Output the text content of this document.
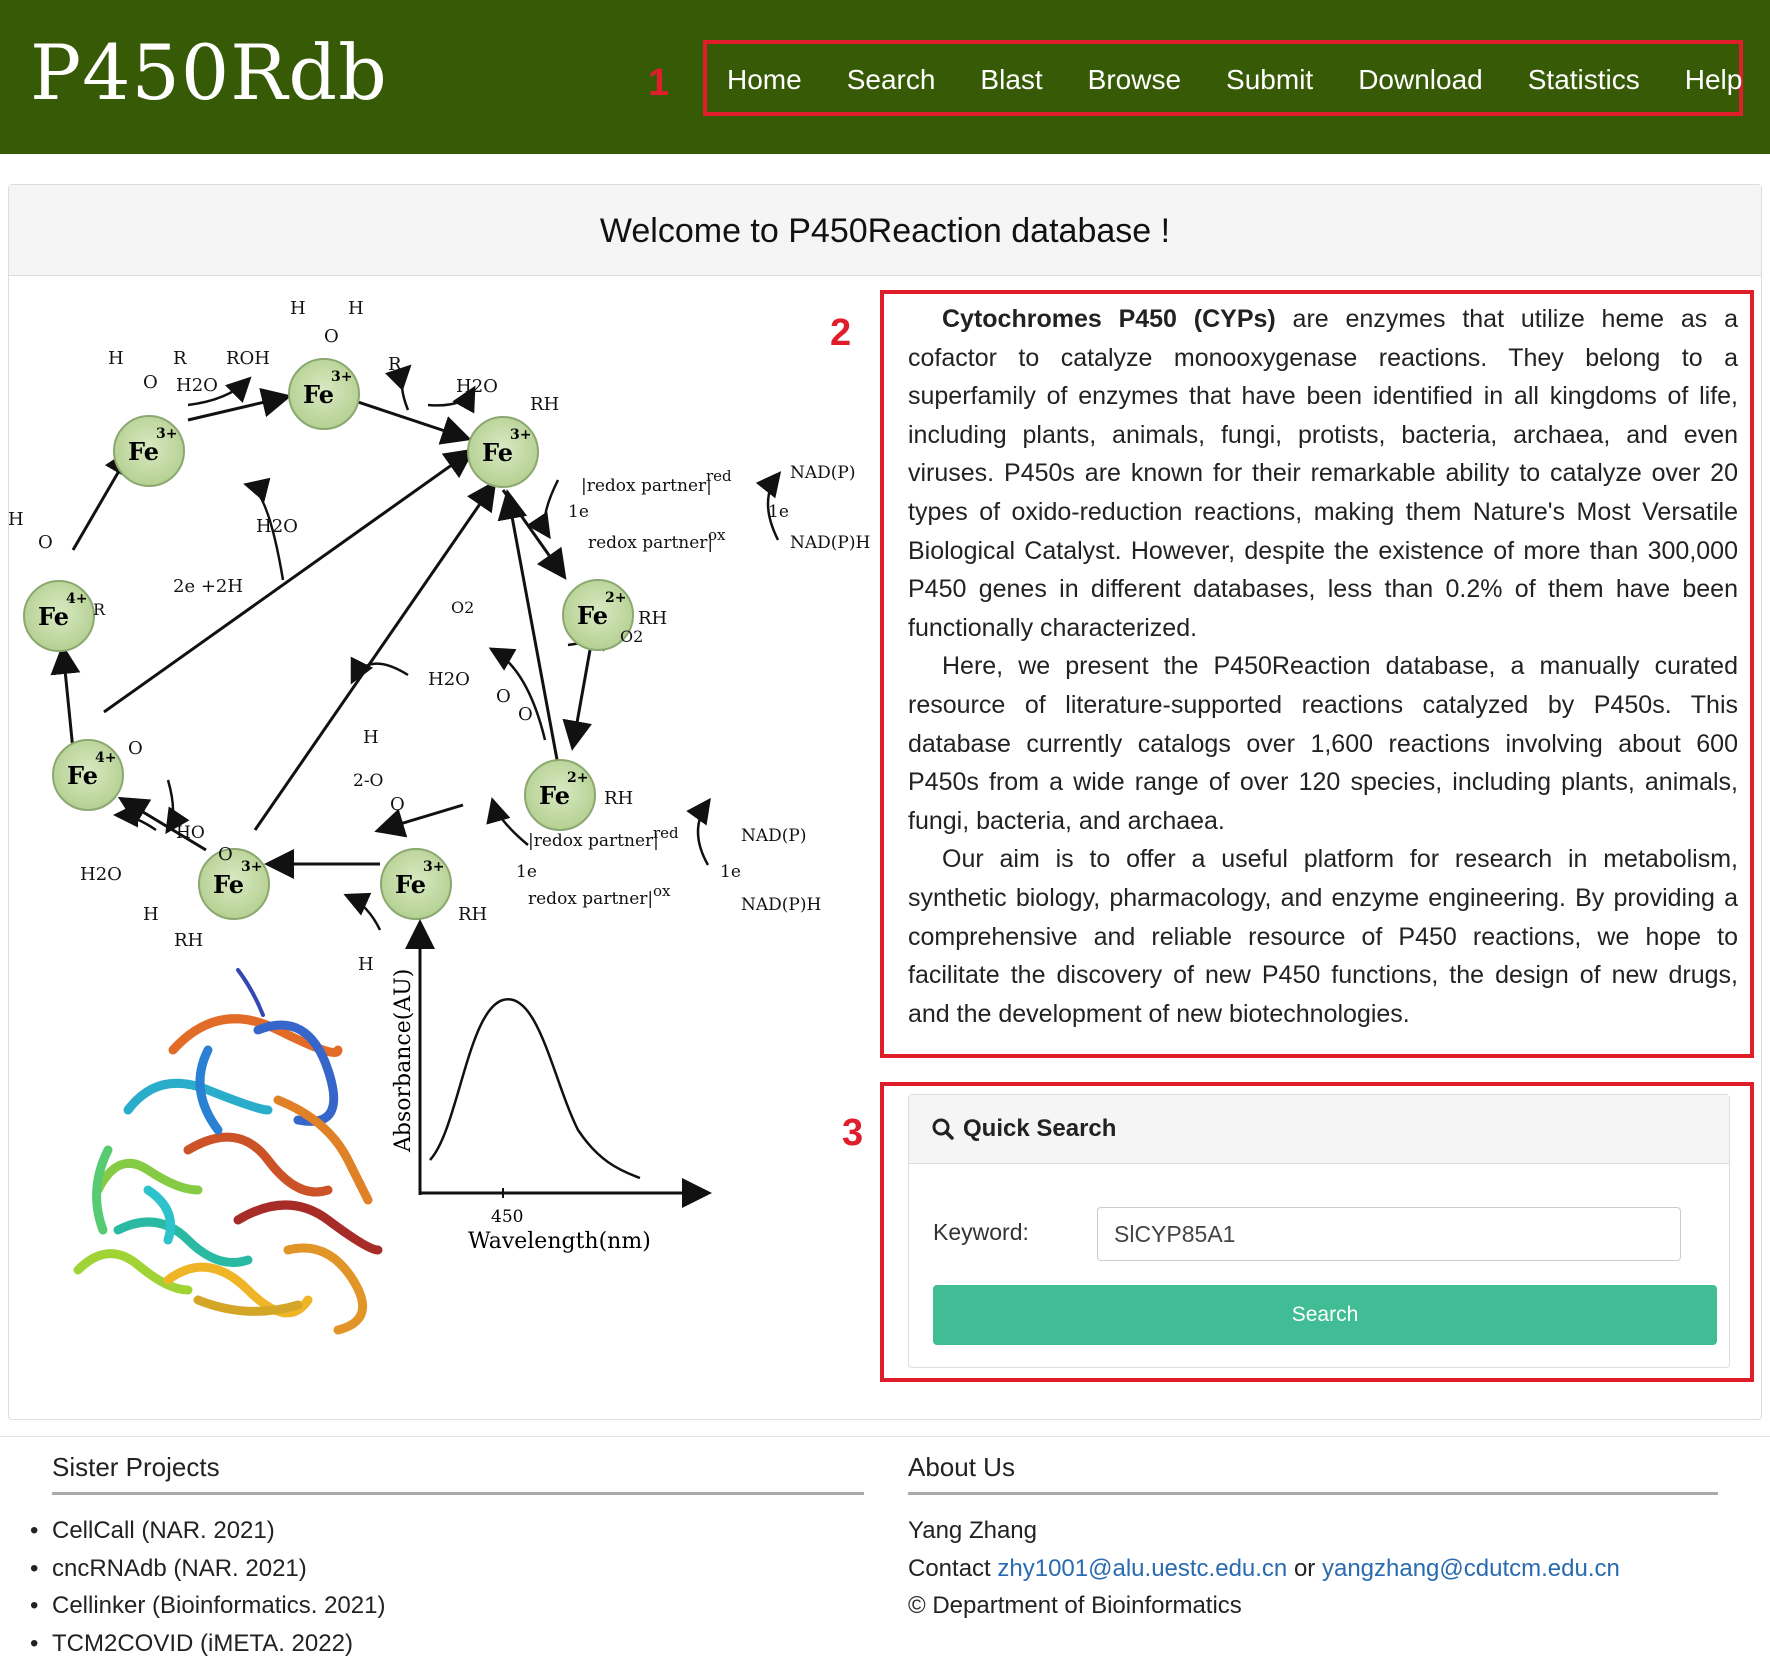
P450Rdb	Home Search Blast Browse Submit Download Statistics Help
1
Welcome to P450Reaction database !
Fe
3+
Fe
3+
Fe
3+
Fe
2+
Fe
2+
Fe
3+
Fe
3+
Fe
4+
Fe
4+
H H
O
H	R
O H2O
ROH	R
H2O
RH
|redox partner|
red
1e
redox partner|
ox
1e
NAD(P)
NAD(P)H
RH
O2
O2
H
O
R
H2O
2e +2H
H2O
H
O
O
RH
|redox partner|
red
1e
redox partner| ox
1e
NAD(P)
NAD(P)H
2-O
O
RH
H
HO
O
H2O
H
RH
O
450
Wavelength(nm)
Absorbance(AU)
2	Cytochromes P450 (CYPs) are enzymes that utilize heme as a cofactor to catalyze monooxygenase reactions. They belong to a superfamily of enzymes that have been identified in all kingdoms of life, including plants, animals, fungi, protists, bacteria, archaea, and even viruses. P450s are known for their remarkable ability to catalyze over 20 types of oxido-reduction reactions, making them Nature's Most Versatile Biological Catalyst. However, despite the existence of more than 300,000 P450 genes in different databases, less than 0.2% of them have been functionally characterized.

Here, we present the P450Reaction database, a manually curated resource of literature-supported reactions catalyzed by P450s. This database currently catalogs over 1,600 reactions involving about 600 P450s from a wide range of over 120 species, including plants, animals, fungi, bacteria, and archaea.

Our aim is to offer a useful platform for research in metabolism, synthetic biology, pharmacology, and enzyme engineering. By providing a comprehensive and reliable resource of P450 reactions, we hope to facilitate the discovery of new P450 functions, the design of new drugs, and the development of new biotechnologies.

3	Quick Search
Keyword:	SlCYP85A1
Search
Sister Projects
• CellCall (NAR. 2021)
• cncRNAdb (NAR. 2021)
• Cellinker (Bioinformatics. 2021)
• TCM2COVID (iMETA. 2022)
About Us
Yang Zhang
Contact zhy1001@alu.uestc.edu.cn or yangzhang@cdutcm.edu.cn
© Department of Bioinformatics
